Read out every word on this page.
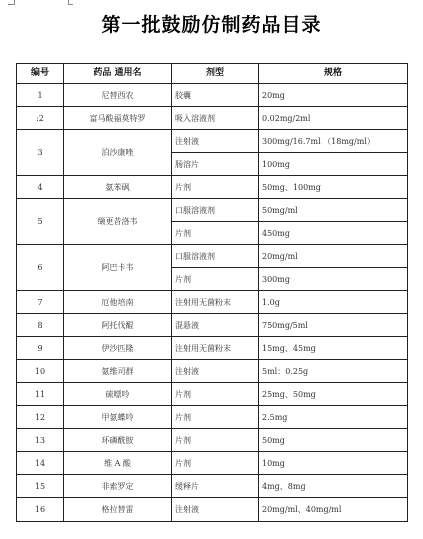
第一批鼓励仿制药品目录
编号	药品 通用名	剂型	规格
1	尼替西农	胶囊	20mg
:2	富马酸福莫特罗	吸入溶液剂	0.02mg/2ml
3	泊沙康唑	注射液	300mg/16.7ml （18mg/ml）
		肠溶片	100mg
4	氨苯砜	片剂	50mg、100mg
5	缬更昔洛韦	口服溶液剂	50mg/ml
		片剂	450mg
6	阿巴卡韦	口服溶液剂	20mg/ml
		片剂	300mg
7	厄他培南	注射用无菌粉末	1.0g
8	阿托伐醌	混悬液	750mg/5ml
9	伊沙匹隆	注射用无菌粉末	15mg、45mg
10	氨维司群	注射液	5ml：0.25g
11	硫嘌呤	片剂	25mg、50mg
12	甲氨蝶呤	片剂	2.5mg
13	环磷酰胺	片剂	50mg
14	维 A 酸	片剂	10mg
15	非索罗定	缓释片	4mg、8mg
16	格拉替雷	注射液	20mg/ml、40mg/ml
